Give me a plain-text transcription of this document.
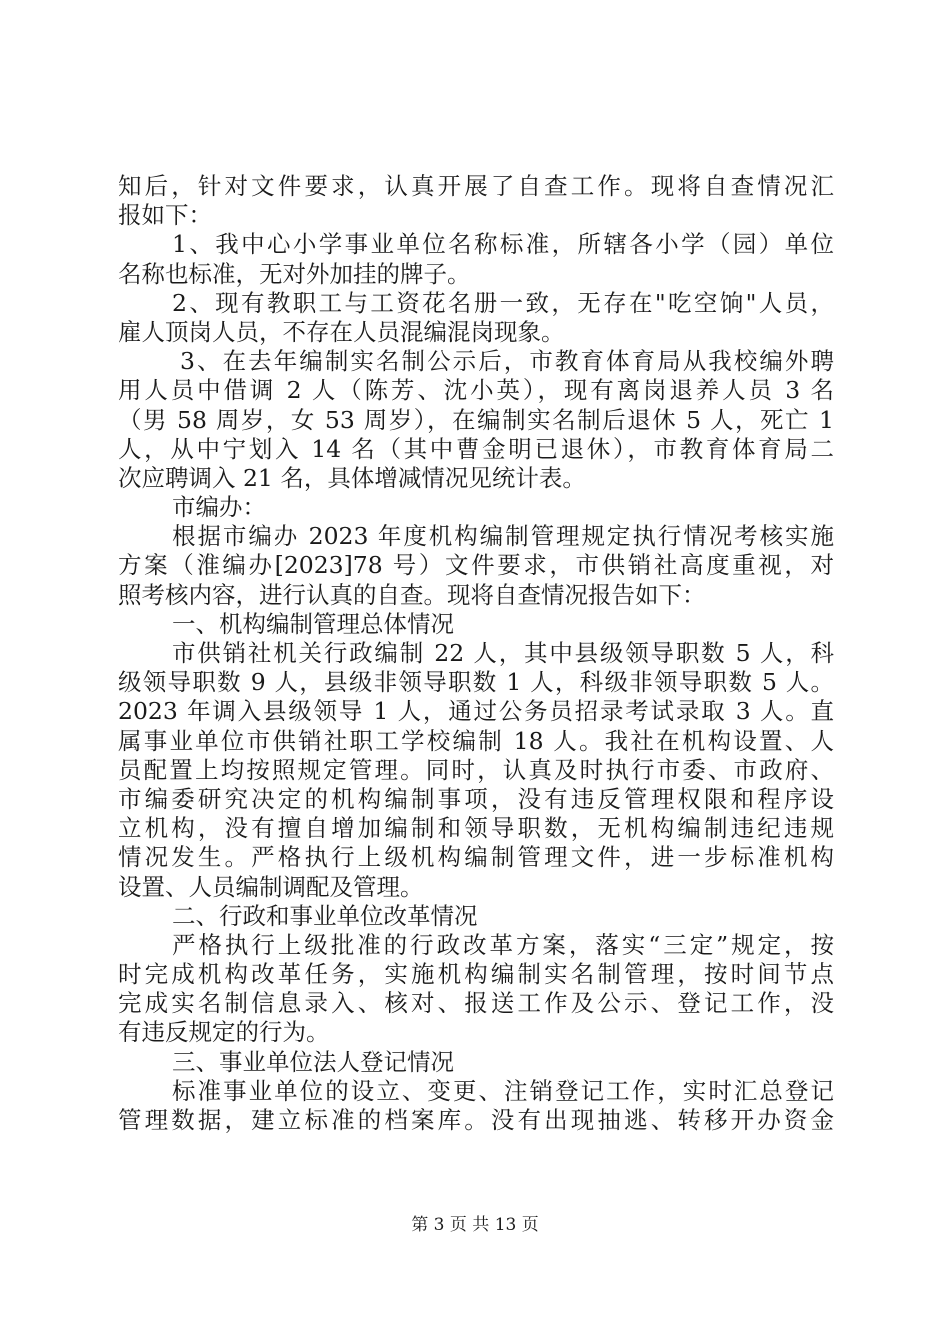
知后，针对文件要求，认真开展了自查工作。现将自查情况汇
报如下：
1、我中心小学事业单位名称标准，所辖各小学（园）单位
名称也标准，无对外加挂的牌子。
2、现有教职工与工资花名册一致，无存在"吃空饷"人员，
雇人顶岗人员，不存在人员混编混岗现象。
3、在去年编制实名制公示后，市教育体育局从我校编外聘
用人员中借调 2 人（陈芳、沈小英），现有离岗退养人员 3 名
（男 58 周岁，女 53 周岁），在编制实名制后退休 5 人，死亡 1
人，从中宁划入 14 名（其中曹金明已退休），市教育体育局二
次应聘调入 21 名，具体增减情况见统计表。
市编办：
根据市编办 2023 年度机构编制管理规定执行情况考核实施
方案（淮编办[2023]78 号）文件要求，市供销社高度重视，对
照考核内容，进行认真的自查。现将自查情况报告如下：
一、机构编制管理总体情况
市供销社机关行政编制 22 人，其中县级领导职数 5 人，科
级领导职数 9 人，县级非领导职数 1 人，科级非领导职数 5 人。
2023 年调入县级领导 1 人，通过公务员招录考试录取 3 人。直
属事业单位市供销社职工学校编制 18 人。我社在机构设置、人
员配置上均按照规定管理。同时，认真及时执行市委、市政府、
市编委研究决定的机构编制事项，没有违反管理权限和程序设
立机构，没有擅自增加编制和领导职数，无机构编制违纪违规
情况发生。严格执行上级机构编制管理文件，进一步标准机构
设置、人员编制调配及管理。
二、行政和事业单位改革情况
严格执行上级批准的行政改革方案，落实“三定”规定，按
时完成机构改革任务，实施机构编制实名制管理，按时间节点
完成实名制信息录入、核对、报送工作及公示、登记工作，没
有违反规定的行为。
三、事业单位法人登记情况
标准事业单位的设立、变更、注销登记工作，实时汇总登记
管理数据，建立标准的档案库。没有出现抽逃、转移开办资金
第 3 页 共 13 页
